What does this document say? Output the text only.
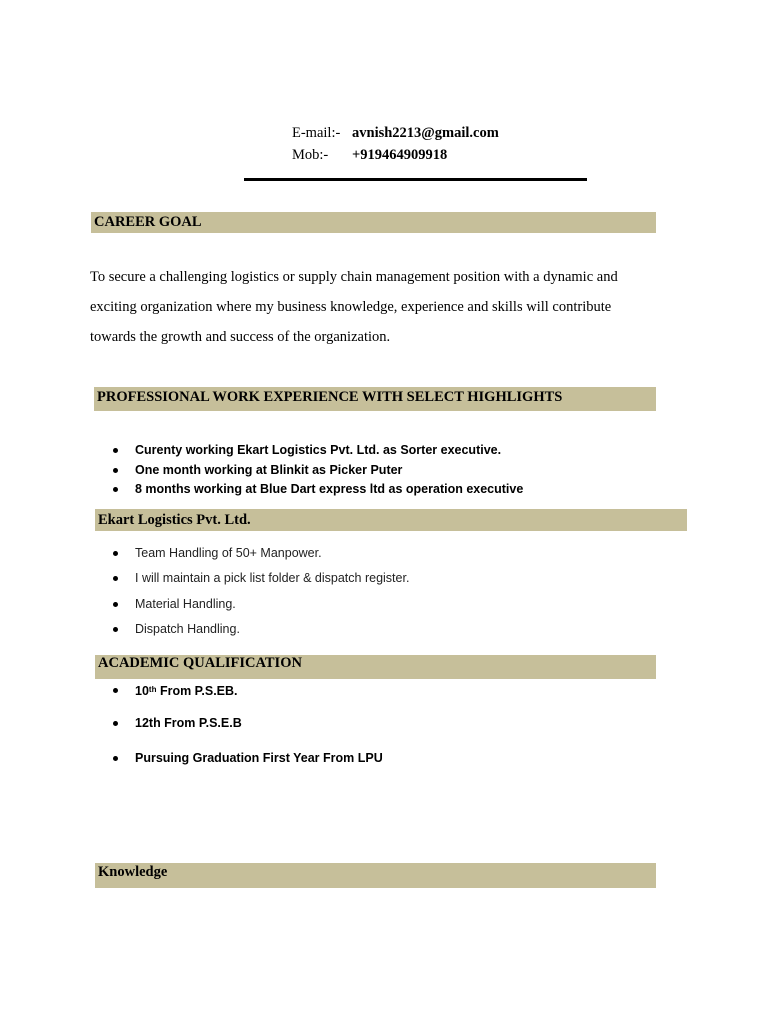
E-mail:- avnish2213@gmail.com
Mob:- +919464909918
CAREER GOAL
To secure a challenging logistics or supply chain management position with a dynamic and
exciting organization where my business knowledge, experience and skills will contribute
towards the growth and success of the organization.
PROFESSIONAL WORK EXPERIENCE WITH SELECT HIGHLIGHTS
Curenty working Ekart Logistics Pvt. Ltd. as Sorter executive.
One month working at Blinkit as Picker Puter
8 months working at Blue Dart express ltd as operation executive
Ekart Logistics Pvt. Ltd.
Team Handling of 50+ Manpower.
I will maintain a pick list folder & dispatch register.
Material Handling.
Dispatch Handling.
ACADEMIC QUALIFICATION
10th From P.S.EB.
12th From P.S.E.B
Pursuing Graduation First Year From LPU
Knowledge
